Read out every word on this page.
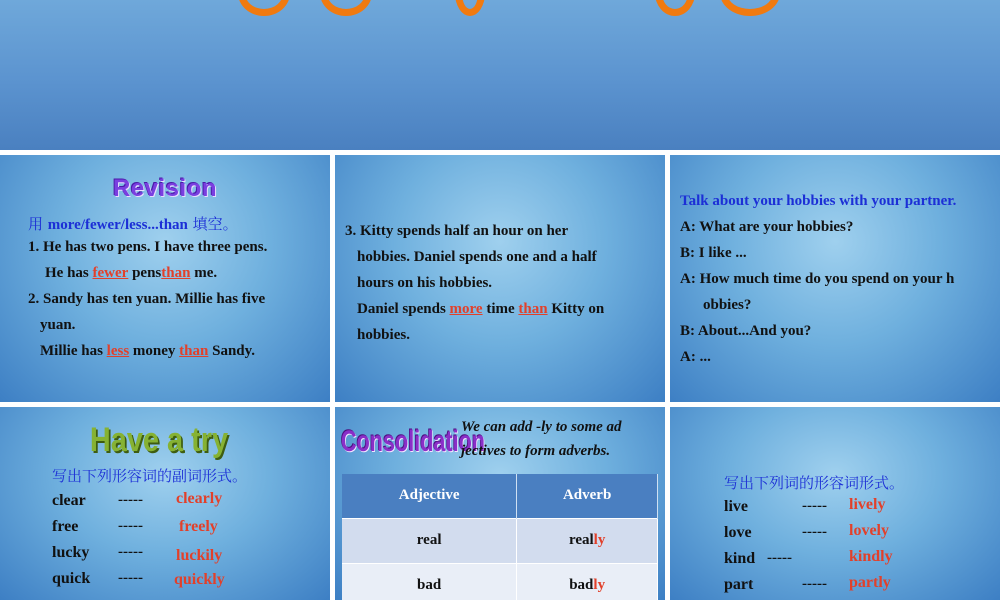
Revision
用 more/fewer/less...than 填空。
1. He has two pens. I have three pens.
He has fewer pensthan me.
2. Sandy has ten yuan. Millie has five
yuan.
Millie has less money than Sandy.
3. Kitty spends half an hour on her
hobbies. Daniel spends one and a half
hours on his hobbies.
Daniel spends more time than Kitty on
hobbies.
Talk about your hobbies with your partner.
A: What are your hobbies?
B: I like ...
A: How much time do you spend on your h
obbies?
B: About...And you?
A: ...
Have a try
写出下列形容词的副词形式。
clear ----- clearly
free	----- freely
lucky ----- luckily
quick ----- quickly
Consolidation
We can add -ly to some ad
jectives to form adverbs.
Adjective	Adverb
real	really
bad	badly
写出下列词的形容词形式。
live	----- lively
love	----- lovely
kind -----	kindly
part	----- partly
